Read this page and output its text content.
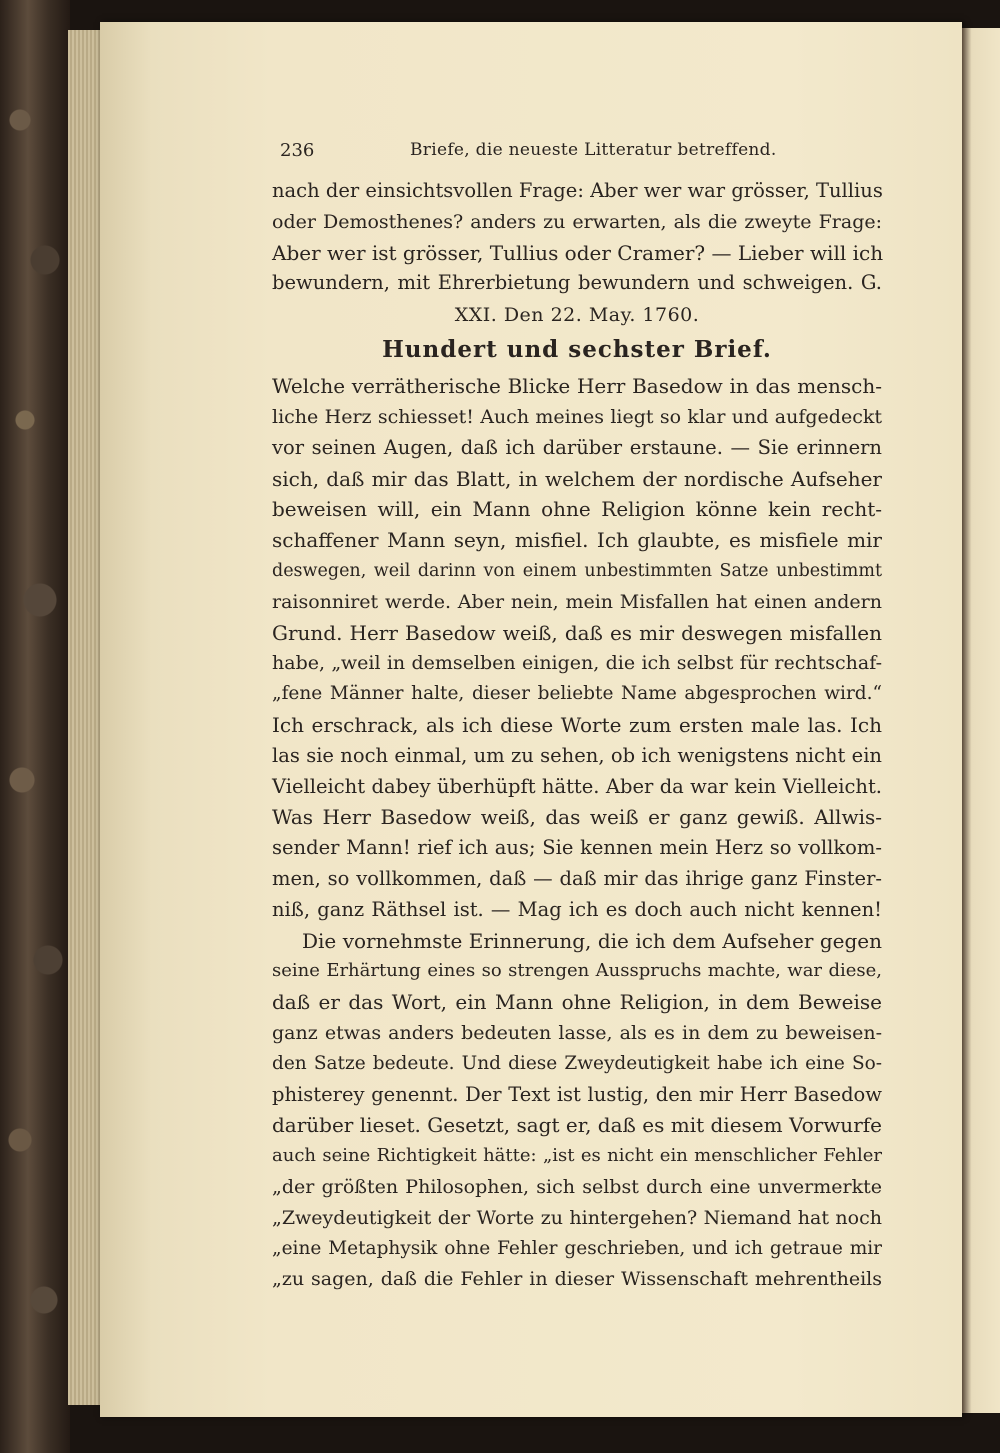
236	Briefe, die neueste Litteratur betreffend.
nach der einsichtsvollen Frage: Aber wer war grösser, Tullius
oder Demosthenes? anders zu erwarten, als die zweyte Frage:
Aber wer ist grösser, Tullius oder Cramer? — Lieber will ich
bewundern, mit Ehrerbietung bewundern und schweigen. G.
XXI. Den 22. May. 1760.
Hundert und sechster Brief.
Welche verrätherische Blicke Herr Basedow in das mensch-
liche Herz schiesset! Auch meines liegt so klar und aufgedeckt
vor seinen Augen, daß ich darüber erstaune. — Sie erinnern
sich, daß mir das Blatt, in welchem der nordische Aufseher
beweisen will, ein Mann ohne Religion könne kein recht-
schaffener Mann seyn, misfiel. Ich glaubte, es misfiele mir
deswegen, weil darinn von einem unbestimmten Satze unbestimmt
raisonniret werde. Aber nein, mein Misfallen hat einen andern
Grund. Herr Basedow weiß, daß es mir deswegen misfallen
habe, „weil in demselben einigen, die ich selbst für rechtschaf-
„fene Männer halte, dieser beliebte Name abgesprochen wird.“
Ich erschrack, als ich diese Worte zum ersten male las. Ich
las sie noch einmal, um zu sehen, ob ich wenigstens nicht ein
Vielleicht dabey überhüpft hätte. Aber da war kein Vielleicht.
Was Herr Basedow weiß, das weiß er ganz gewiß. Allwis-
sender Mann! rief ich aus; Sie kennen mein Herz so vollkom-
men, so vollkommen, daß — daß mir das ihrige ganz Finster-
niß, ganz Räthsel ist. — Mag ich es doch auch nicht kennen!
Die vornehmste Erinnerung, die ich dem Aufseher gegen
seine Erhärtung eines so strengen Ausspruchs machte, war diese,
daß er das Wort, ein Mann ohne Religion, in dem Beweise
ganz etwas anders bedeuten lasse, als es in dem zu beweisen-
den Satze bedeute. Und diese Zweydeutigkeit habe ich eine So-
phisterey genennt. Der Text ist lustig, den mir Herr Basedow
darüber lieset. Gesetzt, sagt er, daß es mit diesem Vorwurfe
auch seine Richtigkeit hätte: „ist es nicht ein menschlicher Fehler
„der größten Philosophen, sich selbst durch eine unvermerkte
„Zweydeutigkeit der Worte zu hintergehen? Niemand hat noch
„eine Metaphysik ohne Fehler geschrieben, und ich getraue mir
„zu sagen, daß die Fehler in dieser Wissenschaft mehrentheils
